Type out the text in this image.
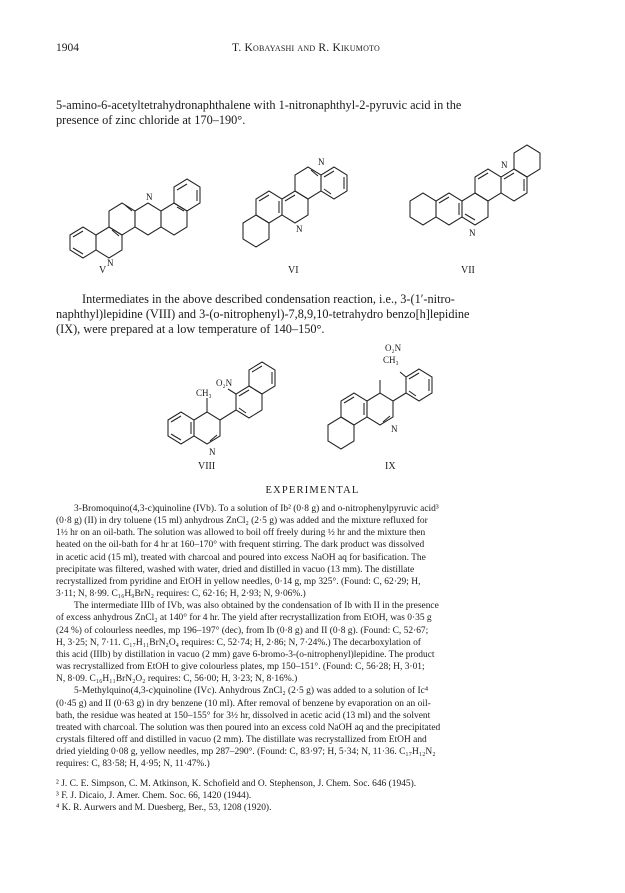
1904	T. Kobayashi and R. Kikumoto
5-amino-6-acetyltetrahydronaphthalene with 1-nitronaphthyl-2-pyruvic acid in the
presence of zinc chloride at 170–190°.
N
N
N
N
N
N
V	VI	VII
Intermediates in the above described condensation reaction, i.e., 3-(1′-nitro-
naphthyl)lepidine (VIII) and 3-(o-nitrophenyl)-7,8,9,10-tetrahydro benzo[h]lepidine
(IX), were prepared at a low temperature of 140–150°.
N
O₂N
CH₃
N
O₂N
CH₃
VIII	IX
EXPERIMENTAL
3-Bromoquino(4,3-c)quinoline (IVb). To a solution of Ib² (0·8 g) and o-nitrophenylpyruvic acid³
(0·8 g) (II) in dry toluene (15 ml) anhydrous ZnCl₂ (2·5 g) was added and the mixture refluxed for
1½ hr on an oil-bath. The solution was allowed to boil off freely during ½ hr and the mixture then
heated on the oil-bath for 4 hr at 160–170° with frequent stirring. The dark product was dissolved
in acetic acid (15 ml), treated with charcoal and poured into excess NaOH aq for basification. The
precipitate was filtered, washed with water, dried and distilled in vacuo (13 mm). The distillate
recrystallized from pyridine and EtOH in yellow needles, 0·14 g, mp 325°. (Found: C, 62·29; H,
3·11; N, 8·99. C₁₆H₉BrN₂ requires: C, 62·16; H, 2·93; N, 9·06%.)
The intermediate IIIb of IVb, was also obtained by the condensation of Ib with II in the presence
of excess anhydrous ZnCl₂ at 140° for 4 hr. The yield after recrystallization from EtOH, was 0·35 g
(24 %) of colourless needles, mp 196–197° (dec), from Ib (0·8 g) and II (0·8 g). (Found: C, 52·67;
H, 3·25; N, 7·11. C₁₇H₁₁BrN₂O₄ requires: C, 52·74; H, 2·86; N, 7·24%.) The decarboxylation of
this acid (IIIb) by distillation in vacuo (2 mm) gave 6-bromo-3-(o-nitrophenyl)lepidine. The product
was recrystallized from EtOH to give colourless plates, mp 150–151°. (Found: C, 56·28; H, 3·01;
N, 8·09. C₁₆H₁₁BrN₂O₂ requires: C, 56·00; H, 3·23; N, 8·16%.)
5-Methylquino(4,3-c)quinoline (IVc). Anhydrous ZnCl₂ (2·5 g) was added to a solution of Ic⁴
(0·45 g) and II (0·63 g) in dry benzene (10 ml). After removal of benzene by evaporation on an oil-
bath, the residue was heated at 150–155° for 3½ hr, dissolved in acetic acid (13 ml) and the solvent
treated with charcoal. The solution was then poured into an excess cold NaOH aq and the precipitated
crystals filtered off and distilled in vacuo (2 mm). The distillate was recrystallized from EtOH and
dried yielding 0·08 g, yellow needles, mp 287–290°. (Found: C, 83·97; H, 5·34; N, 11·36. C₁₇H₁₂N₂
requires: C, 83·58; H, 4·95; N, 11·47%.)
² J. C. E. Simpson, C. M. Atkinson, K. Schofield and O. Stephenson, J. Chem. Soc. 646 (1945).
³ F. J. Dicaio, J. Amer. Chem. Soc. 66, 1420 (1944).
⁴ K. R. Aurwers and M. Duesberg, Ber., 53, 1208 (1920).
